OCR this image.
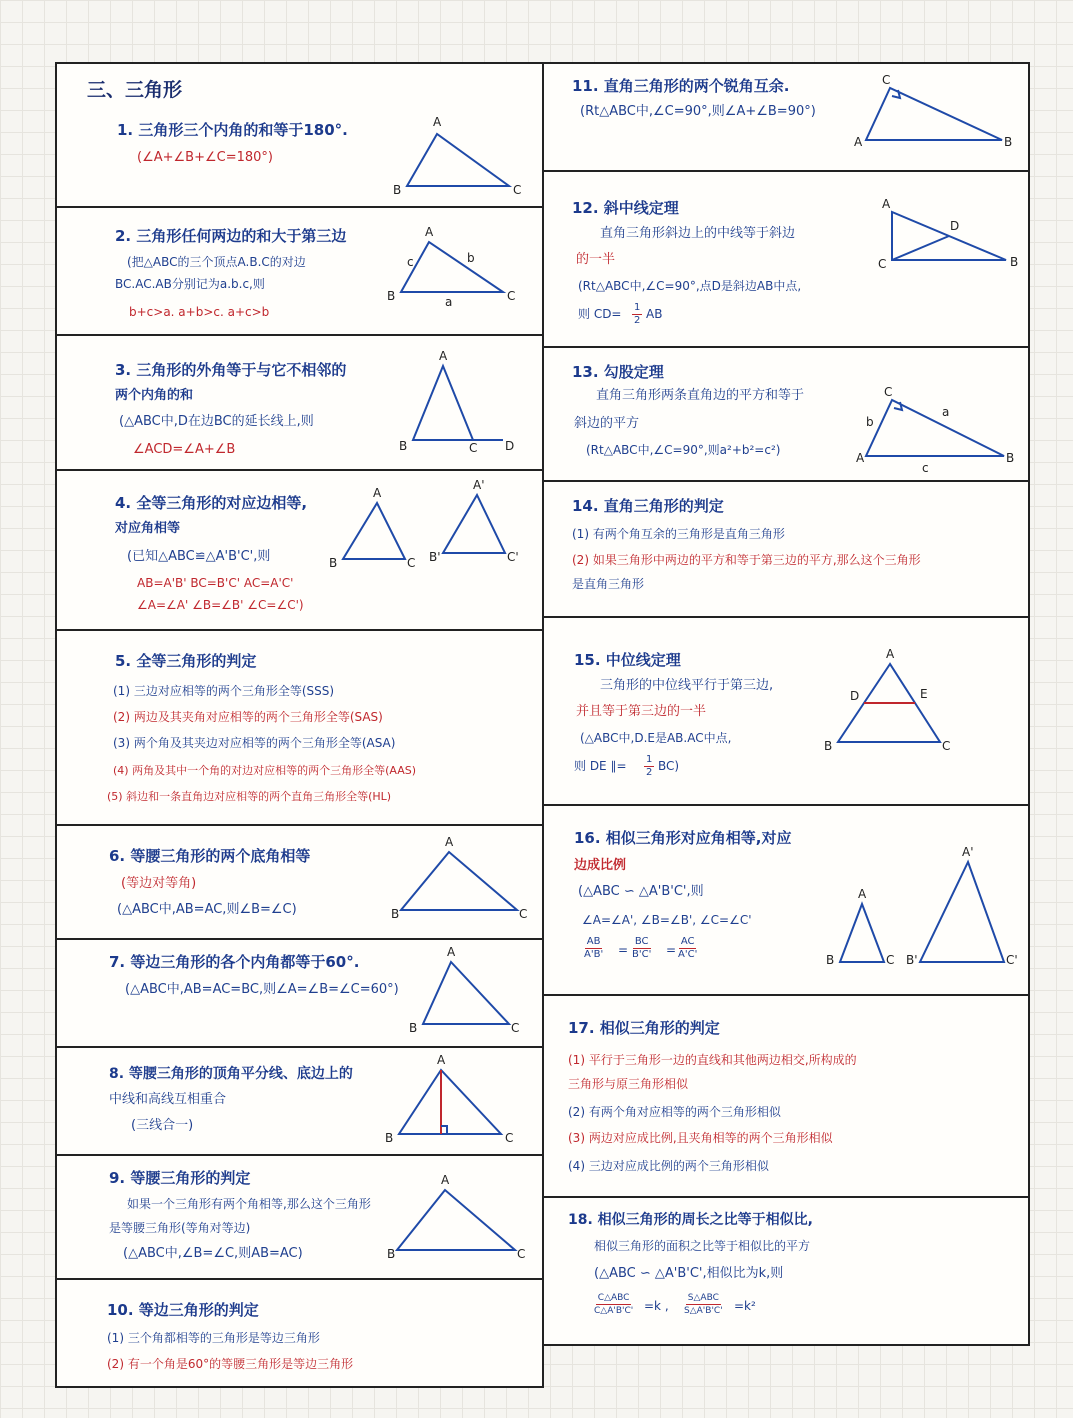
三、三角形
1. 三角形三个内角的和等于180°.
(∠A+∠B+∠C=180°)
A
B	C
2. 三角形任何两边的和大于第三边
(把△ABC的三个顶点A.B.C的对边
BC.AC.AB分别记为a.b.c,则
b+c>a. a+b>c. a+c>b
A
B	C
a
b
c
3. 三角形的外角等于与它不相邻的
两个内角的和
(△ABC中,D在边BC的延长线上,则
∠ACD=∠A+∠B
A
B	C D
4. 全等三角形的对应边相等,
对应角相等
(已知△ABC≌△A'B'C',则
AB=A'B' BC=B'C' AC=A'C'
∠A=∠A' ∠B=∠B' ∠C=∠C')
A
B	C
A'
B'	C'
5. 全等三角形的判定
(1) 三边对应相等的两个三角形全等(SSS)
(2) 两边及其夹角对应相等的两个三角形全等(SAS)
(3) 两个角及其夹边对应相等的两个三角形全等(ASA)
(4) 两角及其中一个角的对边对应相等的两个三角形全等(AAS)
(5) 斜边和一条直角边对应相等的两个直角三角形全等(HL)
6. 等腰三角形的两个底角相等
(等边对等角)
(△ABC中,AB=AC,则∠B=∠C)
A
B	C
7. 等边三角形的各个内角都等于60°.
(△ABC中,AB=AC=BC,则∠A=∠B=∠C=60°)
A
B	C
8. 等腰三角形的顶角平分线、底边上的
中线和高线互相重合
(三线合一)
A
B	C
9. 等腰三角形的判定
如果一个三角形有两个角相等,那么这个三角形
是等腰三角形(等角对等边)
(△ABC中,∠B=∠C,则AB=AC)
A
B	C
10. 等边三角形的判定
(1) 三个角都相等的三角形是等边三角形
(2) 有一个角是60°的等腰三角形是等边三角形
11. 直角三角形的两个锐角互余.
(Rt△ABC中,∠C=90°,则∠A+∠B=90°)
C
A	B
12. 斜中线定理
直角三角形斜边上的中线等于斜边
的一半
(Rt△ABC中,∠C=90°,点D是斜边AB中点,
则 $CD= \frac{1}{2}$ AB
A
C	B
D
13. 勾股定理
直角三角形两条直角边的平方和等于
斜边的平方
(Rt△ABC中,∠C=90°,则a²+b²=c²)
C
A	B
a
b
c
14. 直角三角形的判定
(1) 有两个角互余的三角形是直角三角形
(2) 如果三角形中两边的平方和等于第三边的平方,那么这个三角形
是直角三角形
15. 中位线定理
三角形的中位线平行于第三边,
并且等于第三边的一半
(△ABC中,D.E是AB.AC中点,
则 DE ∥= $\frac{1}{2} BC$)
A
B	C
D	E
16. 相似三角形对应角相等,对应
边成比例
(△ABC ∽ △A'B'C',则
∠A=∠A', ∠B=∠B', ∠C=∠C'
$\frac{AB}{A'B'} = \frac{BC}{B'C'} = \frac{AC}{A'C'}$
A
B	C
A'
B'	C'
17. 相似三角形的判定
(1) 平行于三角形一边的直线和其他两边相交,所构成的
三角形与原三角形相似
(2) 有两个角对应相等的两个三角形相似
(3) 两边对应成比例,且夹角相等的两个三角形相似
(4) 三边对应成比例的两个三角形相似
18. 相似三角形的周长之比等于相似比,
相似三角形的面积之比等于相似比的平方
(△ABC ∽ △A'B'C',相似比为k,则
C△ABC
C△A'B'C' =k ,
S△ABC
S△A'B'C' =k²
